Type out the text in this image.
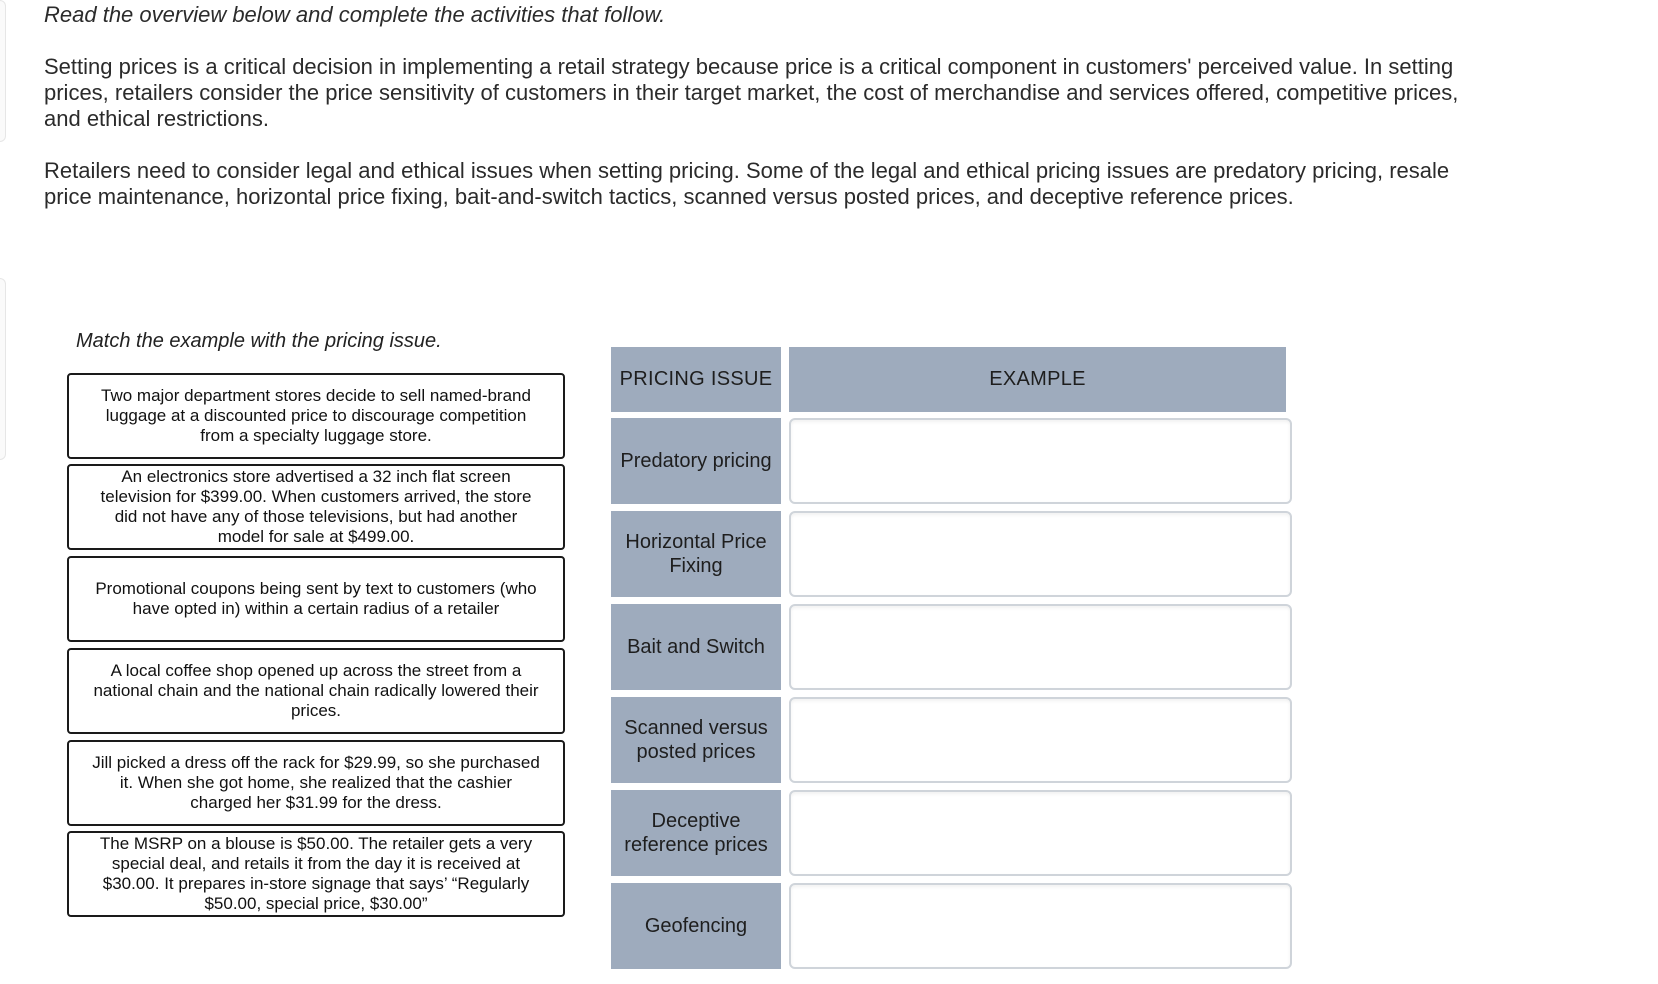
Read the overview below and complete the activities that follow.

Setting prices is a critical decision in implementing a retail strategy because price is a critical component in customers' perceived value. In setting prices, retailers consider the price sensitivity of customers in their target market, the cost of merchandise and services offered, competitive prices, and ethical restrictions.

Retailers need to consider legal and ethical issues when setting pricing. Some of the legal and ethical pricing issues are predatory pricing, resale price maintenance, horizontal price fixing, bait-and-switch tactics, scanned versus posted prices, and deceptive reference prices.

Match the example with the pricing issue.
Two major department stores decide to sell named-brand luggage at a discounted price to discourage competition from a specialty luggage store.
An electronics store advertised a 32 inch flat screen television for $399.00. When customers arrived, the store did not have any of those televisions, but had another model for sale at $499.00.
Promotional coupons being sent by text to customers (who have opted in) within a certain radius of a retailer
A local coffee shop opened up across the street from a national chain and the national chain radically lowered their prices.
Jill picked a dress off the rack for $29.99, so she purchased it. When she got home, she realized that the cashier charged her $31.99 for the dress.
The MSRP on a blouse is $50.00. The retailer gets a very special deal, and retails it from the day it is received at $30.00. It prepares in-store signage that says’ “Regularly $50.00, special price, $30.00”
PRICING ISSUE	EXAMPLE
Predatory pricing
Horizontal Price Fixing
Bait and Switch
Scanned versus posted prices
Deceptive reference prices
Geofencing
